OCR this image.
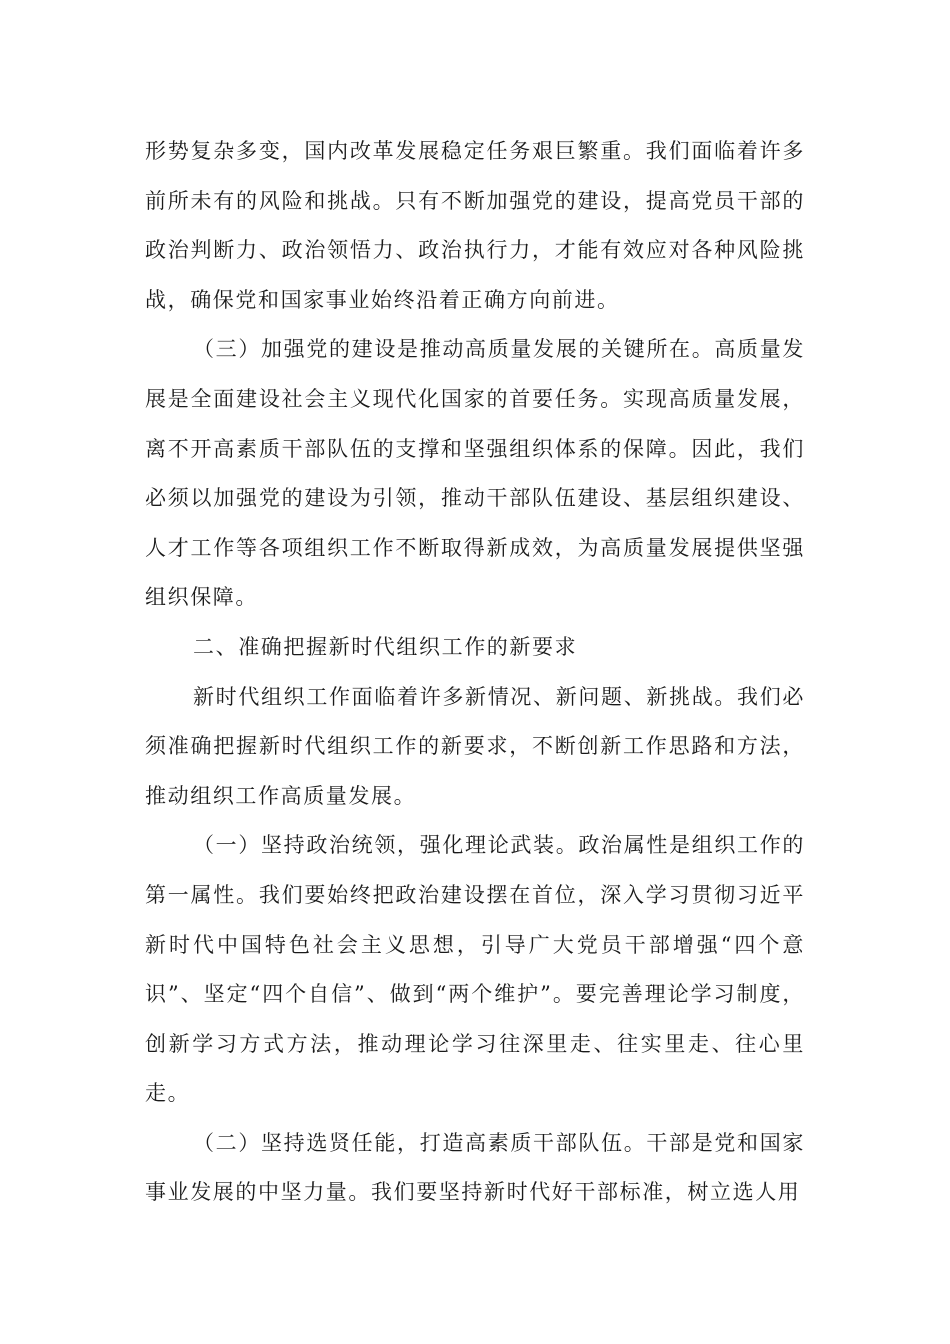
形势复杂多变，国内改革发展稳定任务艰巨繁重。我们面临着许多前所未有的风险和挑战。只有不断加强党的建设，提高党员干部的政治判断力、政治领悟力、政治执行力，才能有效应对各种风险挑战，确保党和国家事业始终沿着正确方向前进。

（三）加强党的建设是推动高质量发展的关键所在。高质量发展是全面建设社会主义现代化国家的首要任务。实现高质量发展，离不开高素质干部队伍的支撑和坚强组织体系的保障。因此，我们必须以加强党的建设为引领，推动干部队伍建设、基层组织建设、人才工作等各项组织工作不断取得新成效，为高质量发展提供坚强组织保障。

二、准确把握新时代组织工作的新要求

新时代组织工作面临着许多新情况、新问题、新挑战。我们必须准确把握新时代组织工作的新要求，不断创新工作思路和方法，推动组织工作高质量发展。

（一）坚持政治统领，强化理论武装。政治属性是组织工作的第一属性。我们要始终把政治建设摆在首位，深入学习贯彻习近平新时代中国特色社会主义思想，引导广大党员干部增强“四个意识”、坚定“四个自信”、做到“两个维护”。要完善理论学习制度，创新学习方式方法，推动理论学习往深里走、往实里走、往心里走。

（二）坚持选贤任能，打造高素质干部队伍。干部是党和国家事业发展的中坚力量。我们要坚持新时代好干部标准，树立选人用
